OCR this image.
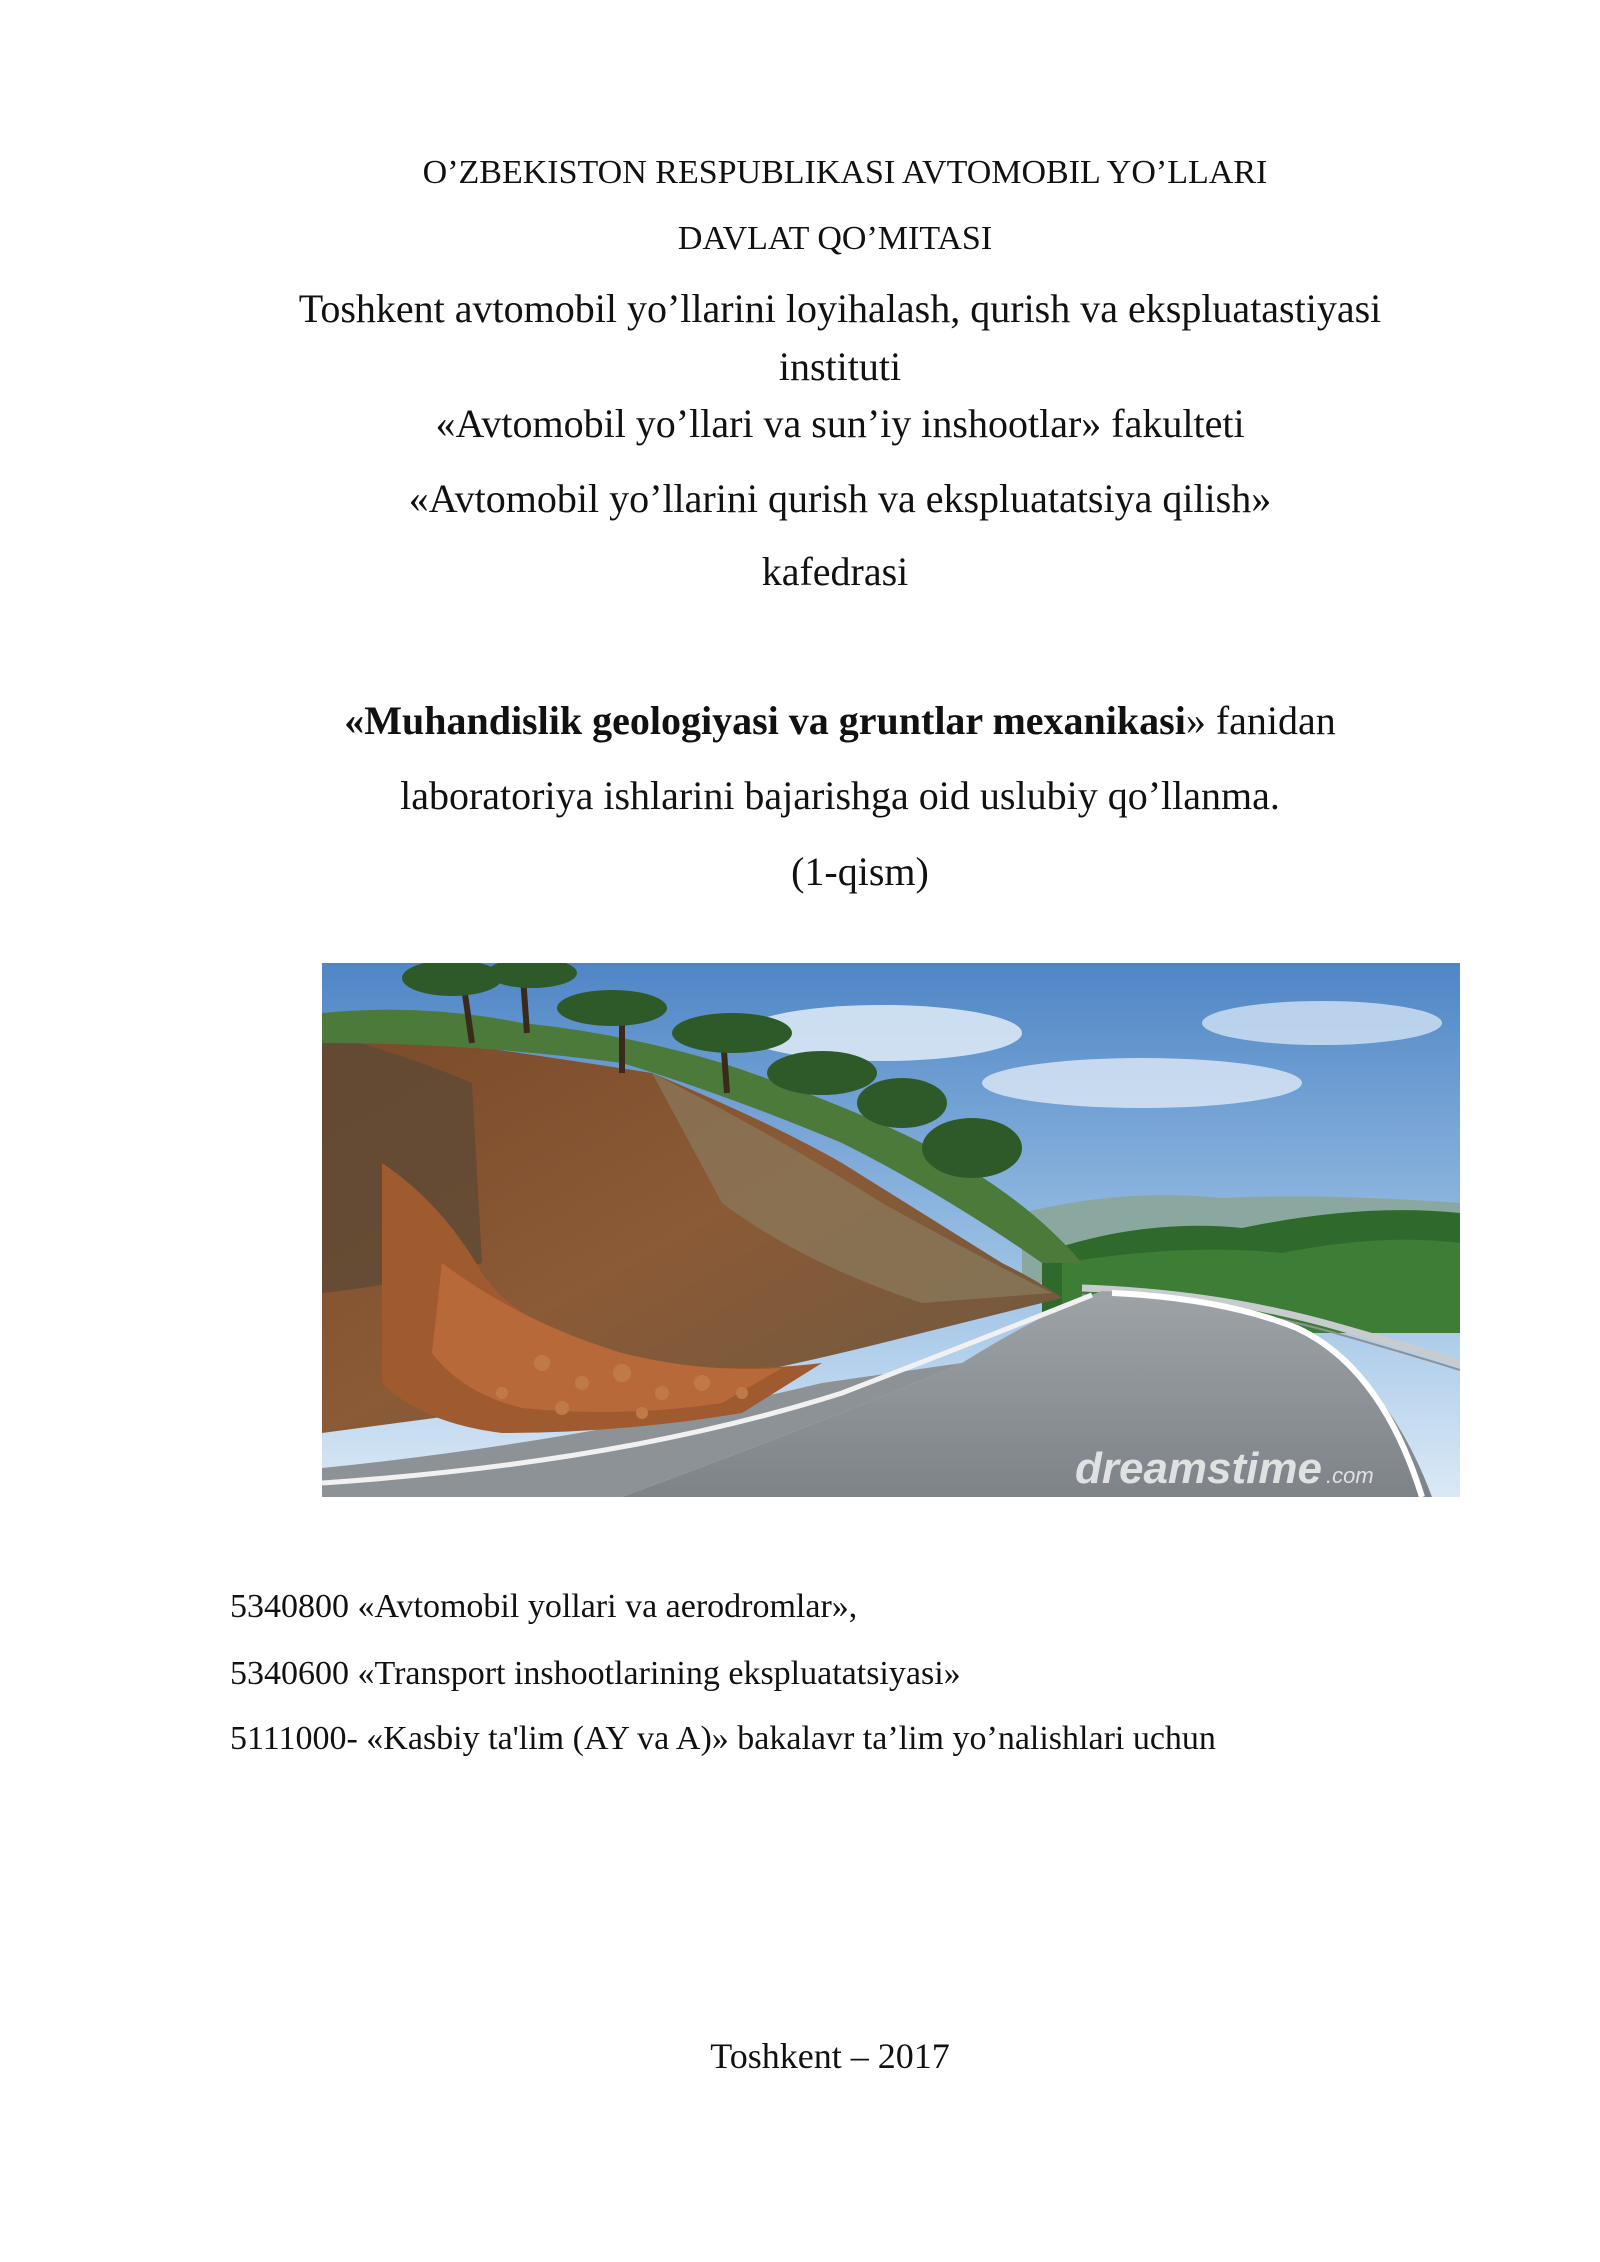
O’ZBEKISTON RESPUBLIKASI AVTOMOBIL YO’LLARI
DAVLAT QO’MITASI
Toshkent avtomobil yo’llarini loyihalash, qurish va ekspluatastiyasi
instituti
«Avtomobil yo’llari va sun’iy inshootlar» fakulteti
«Avtomobil yo’llarini qurish va ekspluatatsiya qilish»
kafedrasi
«Muhandislik geologiyasi va gruntlar mexanikasi» fanidan
laboratoriya ishlarini bajarishga oid uslubiy qo’llanma.
(1-qism)
dreamstime .com
5340800 «Avtomobil yollari va aerodromlar»,
5340600 «Transport inshootlarining ekspluatatsiyasi»
5111000- «Kasbiy ta'lim (AY va A)» bakalavr ta’lim yo’nalishlari uchun
Toshkent – 2017
